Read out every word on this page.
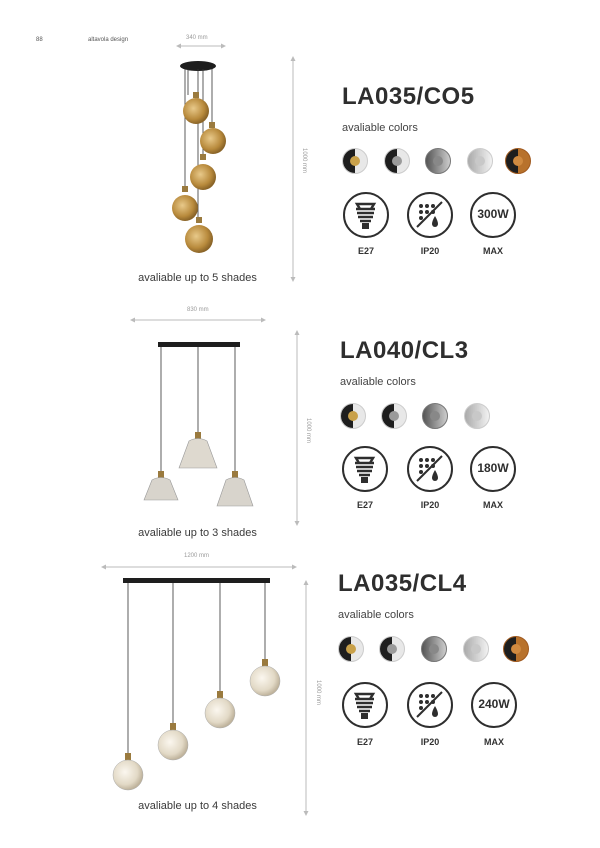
88	altavola design	340 mm
1000 mm
LA035/CO5
avaliable colors
300W
E27	IP20	MAX
avaliable up to 5 shades
830 mm
1000 mm
LA040/CL3
avaliable colors
180W
E27	IP20	MAX
avaliable up to 3 shades
1200 mm
1000 mm
LA035/CL4
avaliable colors
240W
E27	IP20	MAX
avaliable up to 4 shades
